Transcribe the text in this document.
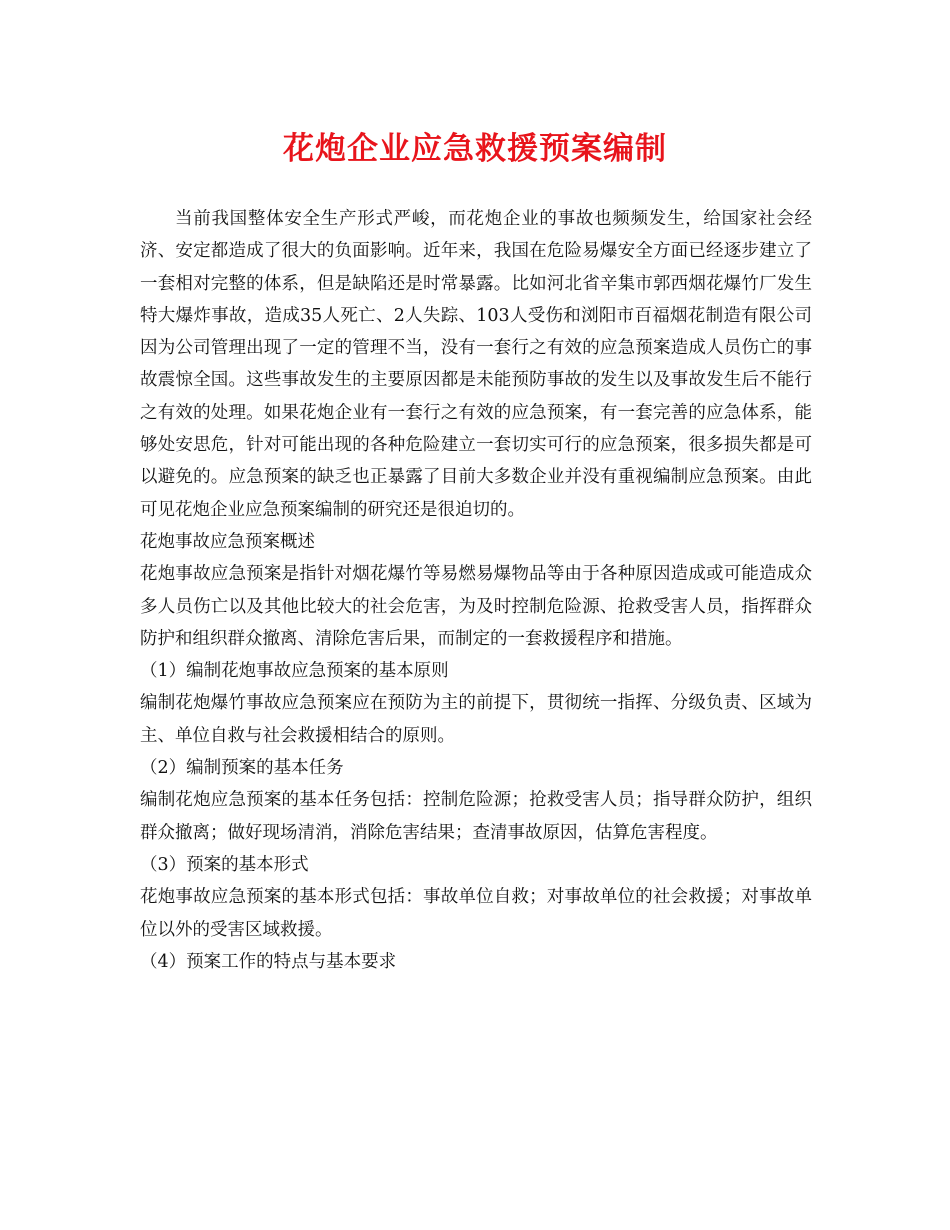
花炮企业应急救援预案编制

当前我国整体安全生产形式严峻，而花炮企业的事故也频频发生，给国家社会经济、安定都造成了很大的负面影响。近年来，我国在危险易爆安全方面已经逐步建立了一套相对完整的体系，但是缺陷还是时常暴露。比如河北省辛集市郭西烟花爆竹厂发生特大爆炸事故，造成35人死亡、2人失踪、103人受伤和浏阳市百福烟花制造有限公司因为公司管理出现了一定的管理不当，没有一套行之有效的应急预案造成人员伤亡的事故震惊全国。这些事故发生的主要原因都是未能预防事故的发生以及事故发生后不能行之有效的处理。如果花炮企业有一套行之有效的应急预案，有一套完善的应急体系，能够处安思危，针对可能出现的各种危险建立一套切实可行的应急预案，很多损失都是可以避免的。应急预案的缺乏也正暴露了目前大多数企业并没有重视编制应急预案。由此可见花炮企业应急预案编制的研究还是很迫切的。

花炮事故应急预案概述

花炮事故应急预案是指针对烟花爆竹等易燃易爆物品等由于各种原因造成或可能造成众多人员伤亡以及其他比较大的社会危害，为及时控制危险源、抢救受害人员，指挥群众防护和组织群众撤离、清除危害后果，而制定的一套救援程序和措施。

（1）编制花炮事故应急预案的基本原则

编制花炮爆竹事故应急预案应在预防为主的前提下，贯彻统一指挥、分级负责、区域为主、单位自救与社会救援相结合的原则。

（2）编制预案的基本任务

编制花炮应急预案的基本任务包括：控制危险源；抢救受害人员；指导群众防护，组织群众撤离；做好现场清消，消除危害结果；查清事故原因，估算危害程度。

（3）预案的基本形式

花炮事故应急预案的基本形式包括：事故单位自救；对事故单位的社会救援；对事故单位以外的受害区域救援。

（4）预案工作的特点与基本要求
